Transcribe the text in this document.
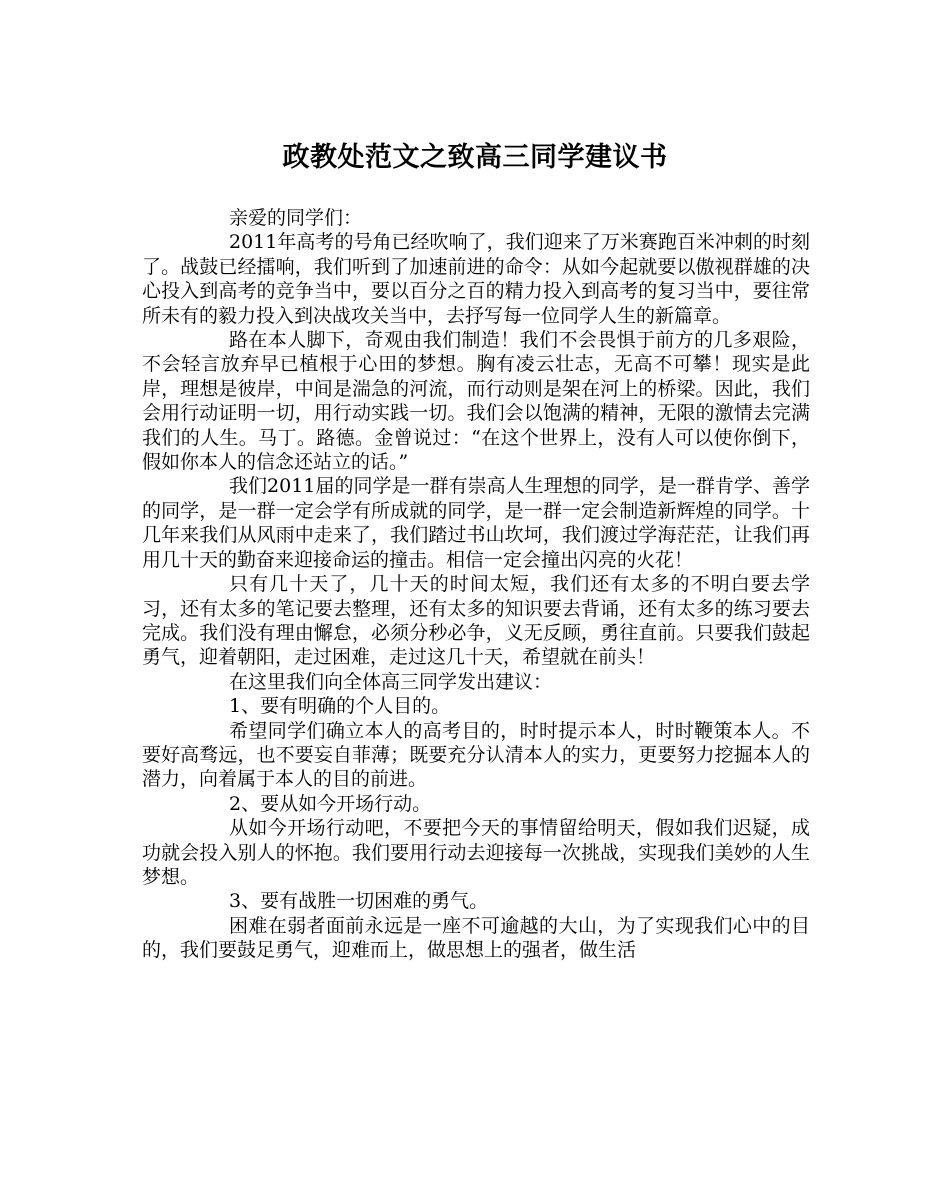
政教处范文之致高三同学建议书

亲爱的同学们：

2011年高考的号角已经吹响了，我们迎来了万米赛跑百米冲刺的时刻了。战鼓已经擂响，我们听到了加速前进的命令：从如今起就要以傲视群雄的决心投入到高考的竞争当中，要以百分之百的精力投入到高考的复习当中，要往常所未有的毅力投入到决战攻关当中，去抒写每一位同学人生的新篇章。

路在本人脚下，奇观由我们制造！我们不会畏惧于前方的几多艰险，不会轻言放弃早已植根于心田的梦想。胸有凌云壮志，无高不可攀！现实是此岸，理想是彼岸，中间是湍急的河流，而行动则是架在河上的桥梁。因此，我们会用行动证明一切，用行动实践一切。我们会以饱满的精神，无限的激情去完满我们的人生。马丁。路德。金曾说过：“在这个世界上，没有人可以使你倒下，假如你本人的信念还站立的话。”

我们2011届的同学是一群有崇高人生理想的同学，是一群肯学、善学的同学，是一群一定会学有所成就的同学，是一群一定会制造新辉煌的同学。十几年来我们从风雨中走来了，我们踏过书山坎坷，我们渡过学海茫茫，让我们再用几十天的勤奋来迎接命运的撞击。相信一定会撞出闪亮的火花！

只有几十天了，几十天的时间太短，我们还有太多的不明白要去学习，还有太多的笔记要去整理，还有太多的知识要去背诵，还有太多的练习要去完成。我们没有理由懈怠，必须分秒必争，义无反顾，勇往直前。只要我们鼓起勇气，迎着朝阳，走过困难，走过这几十天，希望就在前头！

在这里我们向全体高三同学发出建议：

1、要有明确的个人目的。

希望同学们确立本人的高考目的，时时提示本人，时时鞭策本人。不要好高骛远，也不要妄自菲薄；既要充分认清本人的实力，更要努力挖掘本人的潜力，向着属于本人的目的前进。

2、要从如今开场行动。

从如今开场行动吧，不要把今天的事情留给明天，假如我们迟疑，成功就会投入别人的怀抱。我们要用行动去迎接每一次挑战，实现我们美妙的人生梦想。

3、要有战胜一切困难的勇气。

困难在弱者面前永远是一座不可逾越的大山，为了实现我们心中的目的，我们要鼓足勇气，迎难而上，做思想上的强者，做生活
